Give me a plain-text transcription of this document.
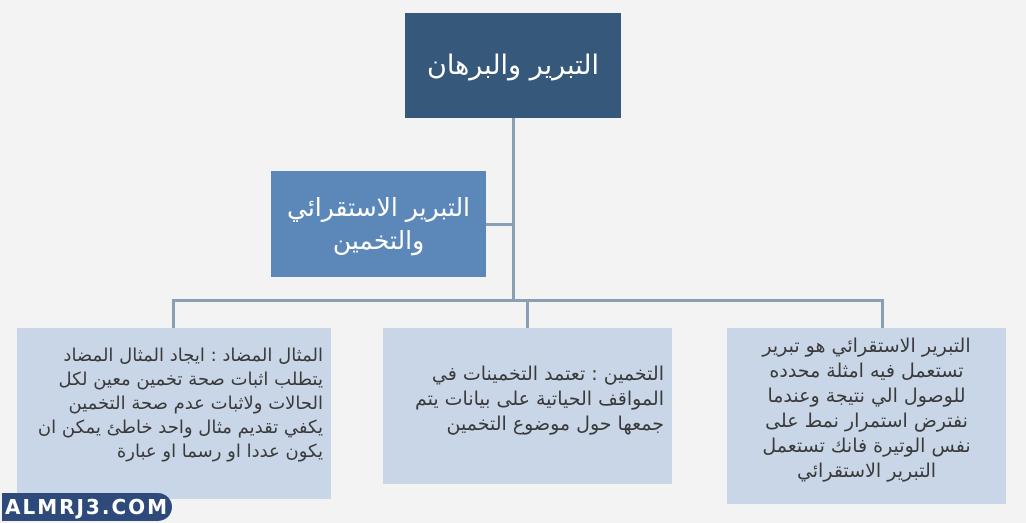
التبرير والبرهان
التبرير الاستقرائي
والتخمين
التبرير الاستقرائي هو تبرير
تستعمل فيه امثلة محدده
للوصول الي نتيجة وعندما
نفترض استمرار نمط على
نفس الوتيرة فانك تستعمل
التبرير الاستقرائي
التخمين : تعتمد التخمينات في
المواقف الحياتية على بيانات يتم
جمعها حول موضوع التخمين
المثال المضاد : ايجاد المثال المضاد
يتطلب اثبات صحة تخمين معين لكل
الحالات ولاثبات عدم صحة التخمين
يكفي تقديم مثال واحد خاطئ يمكن ان
يكون عددا او رسما او عبارة
ALMRJ3.COM
